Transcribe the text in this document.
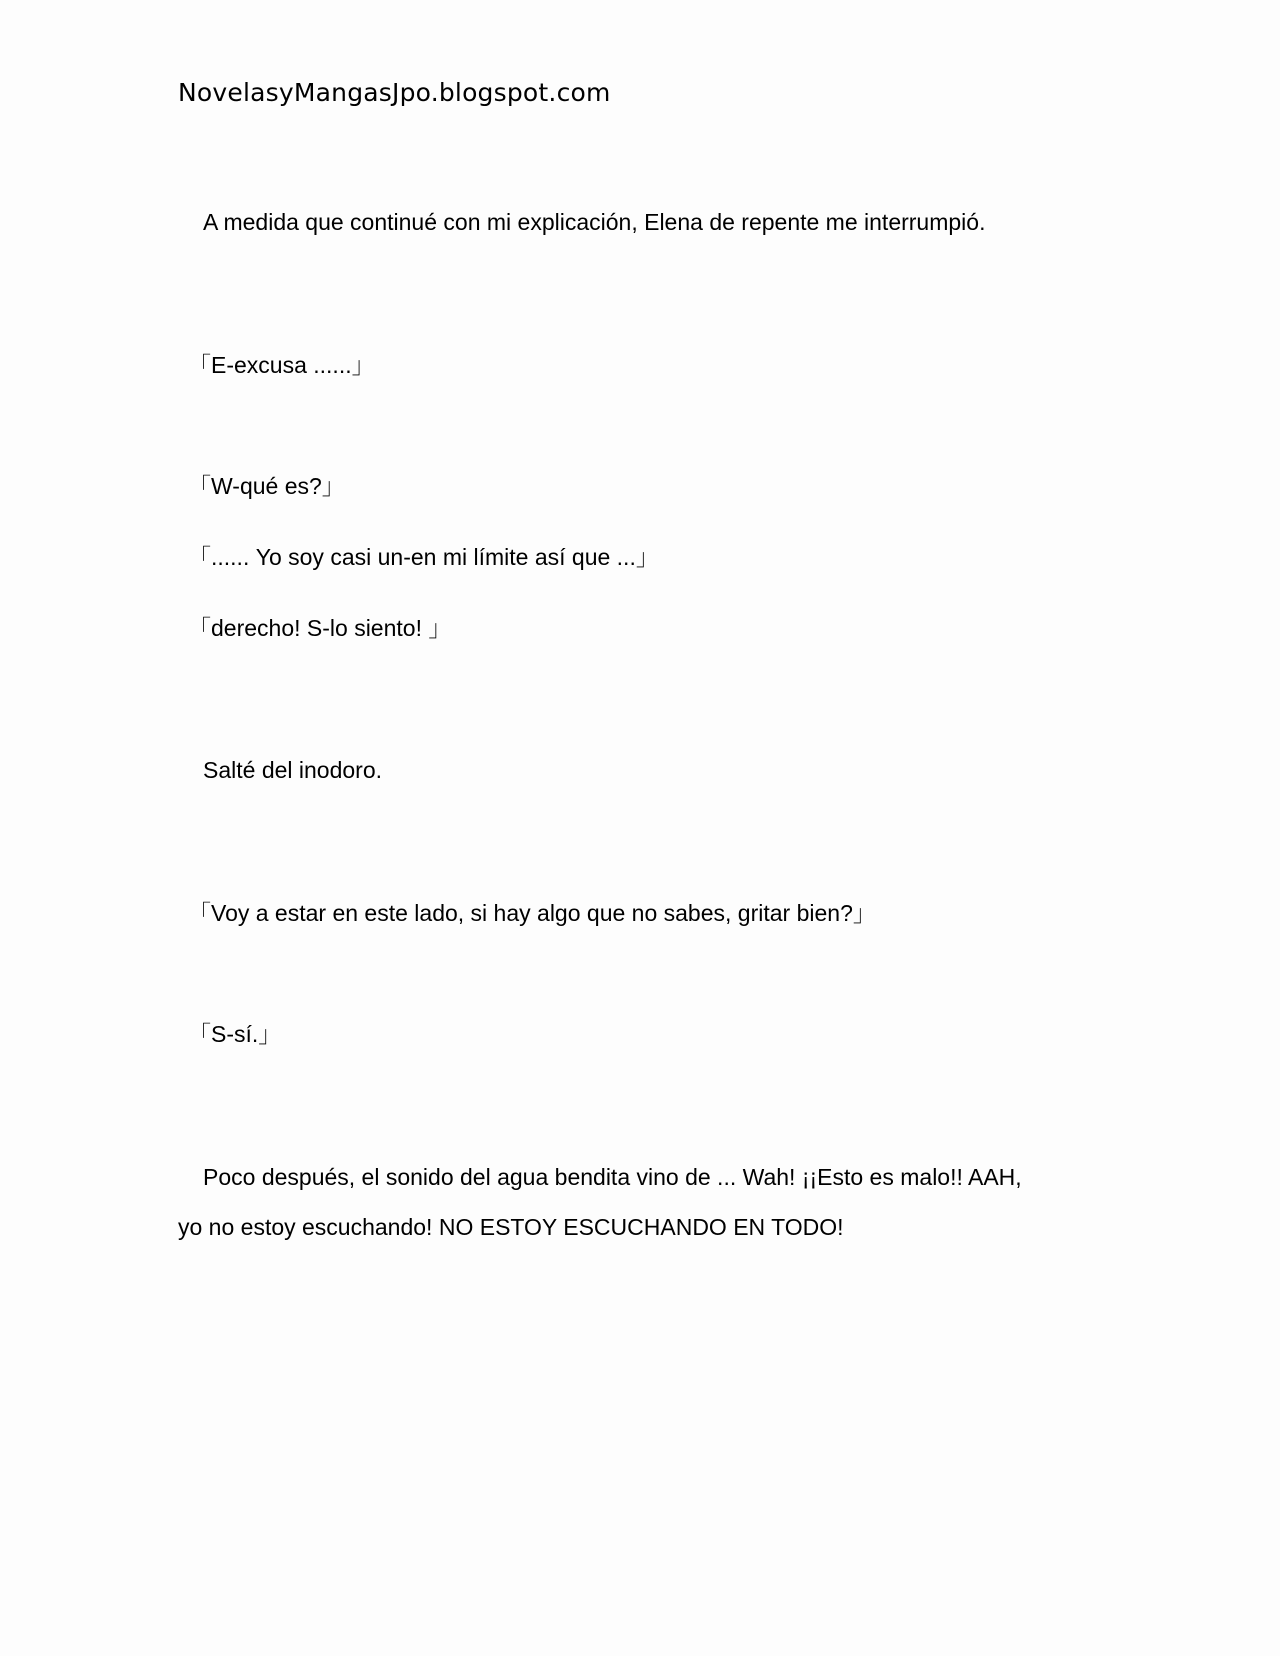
NovelasyMangasJpo.blogspot.com
A medida que continué con mi explicación, Elena de repente me interrumpió.
「E-excusa ......」
「W-qué es?」
「...... Yo soy casi un-en mi límite así que ...」
「derecho! S-lo siento! 」
Salté del inodoro.
「Voy a estar en este lado, si hay algo que no sabes, gritar bien?」
「S-sí.」
Poco después, el sonido del agua bendita vino de ... Wah! ¡¡Esto es malo!! AAH,
yo no estoy escuchando! NO ESTOY ESCUCHANDO EN TODO!
